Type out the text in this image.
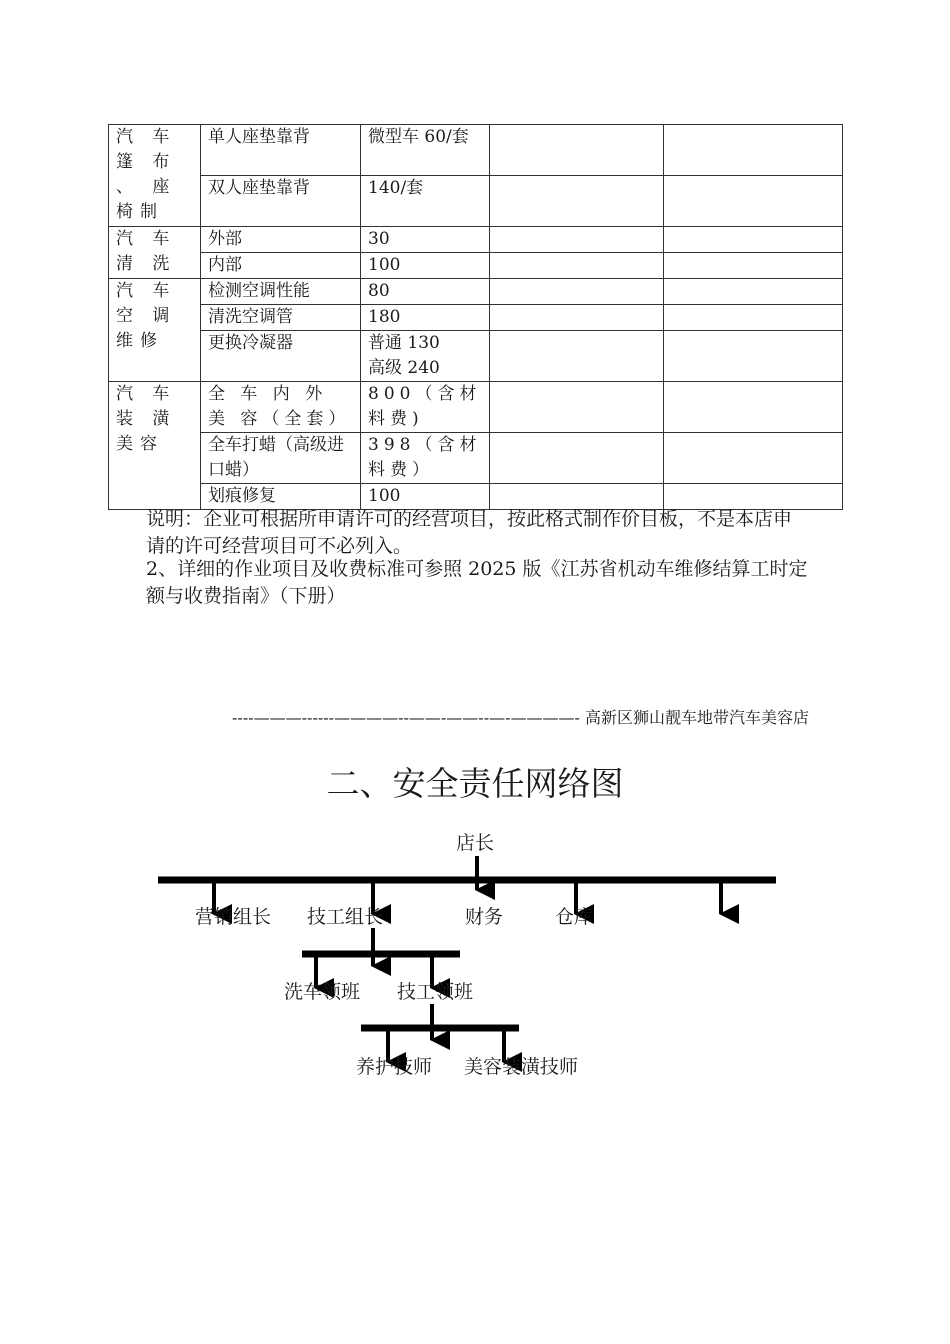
汽 车 篷 布 、 座 椅制	单人座垫靠背	微型车 60/套		
	双人座垫靠背	140/套		
汽 车 清 洗	外部	30		
	内部	100		
汽 车 空 调维修	检测空调性能	80		
	清洗空调管	180		
	更换冷凝器	普通 130
高级 240		

汽 车 装 潢美容	全 车 内 外 美 容（全套）	800（含材料费)		
	全车打蜡（高级进口蜡）	398（含材料费）		
	划痕修复	100		

说明：企业可根据所申请许可的经营项目，按此格式制作价目板，不是本店申请的许可经营项目可不必列入。

2、详细的作业项目及收费标准可参照 2025 版《江苏省机动车维修结算工时定额与收费指南》（下册）

----———------————--——-——--—-————- 高新区狮山靓车地带汽车美容店
二、安全责任网络图
店长
营销组长 技工组长	财务	仓库
洗车领班 技工领班
养护技师 美容装潢技师
